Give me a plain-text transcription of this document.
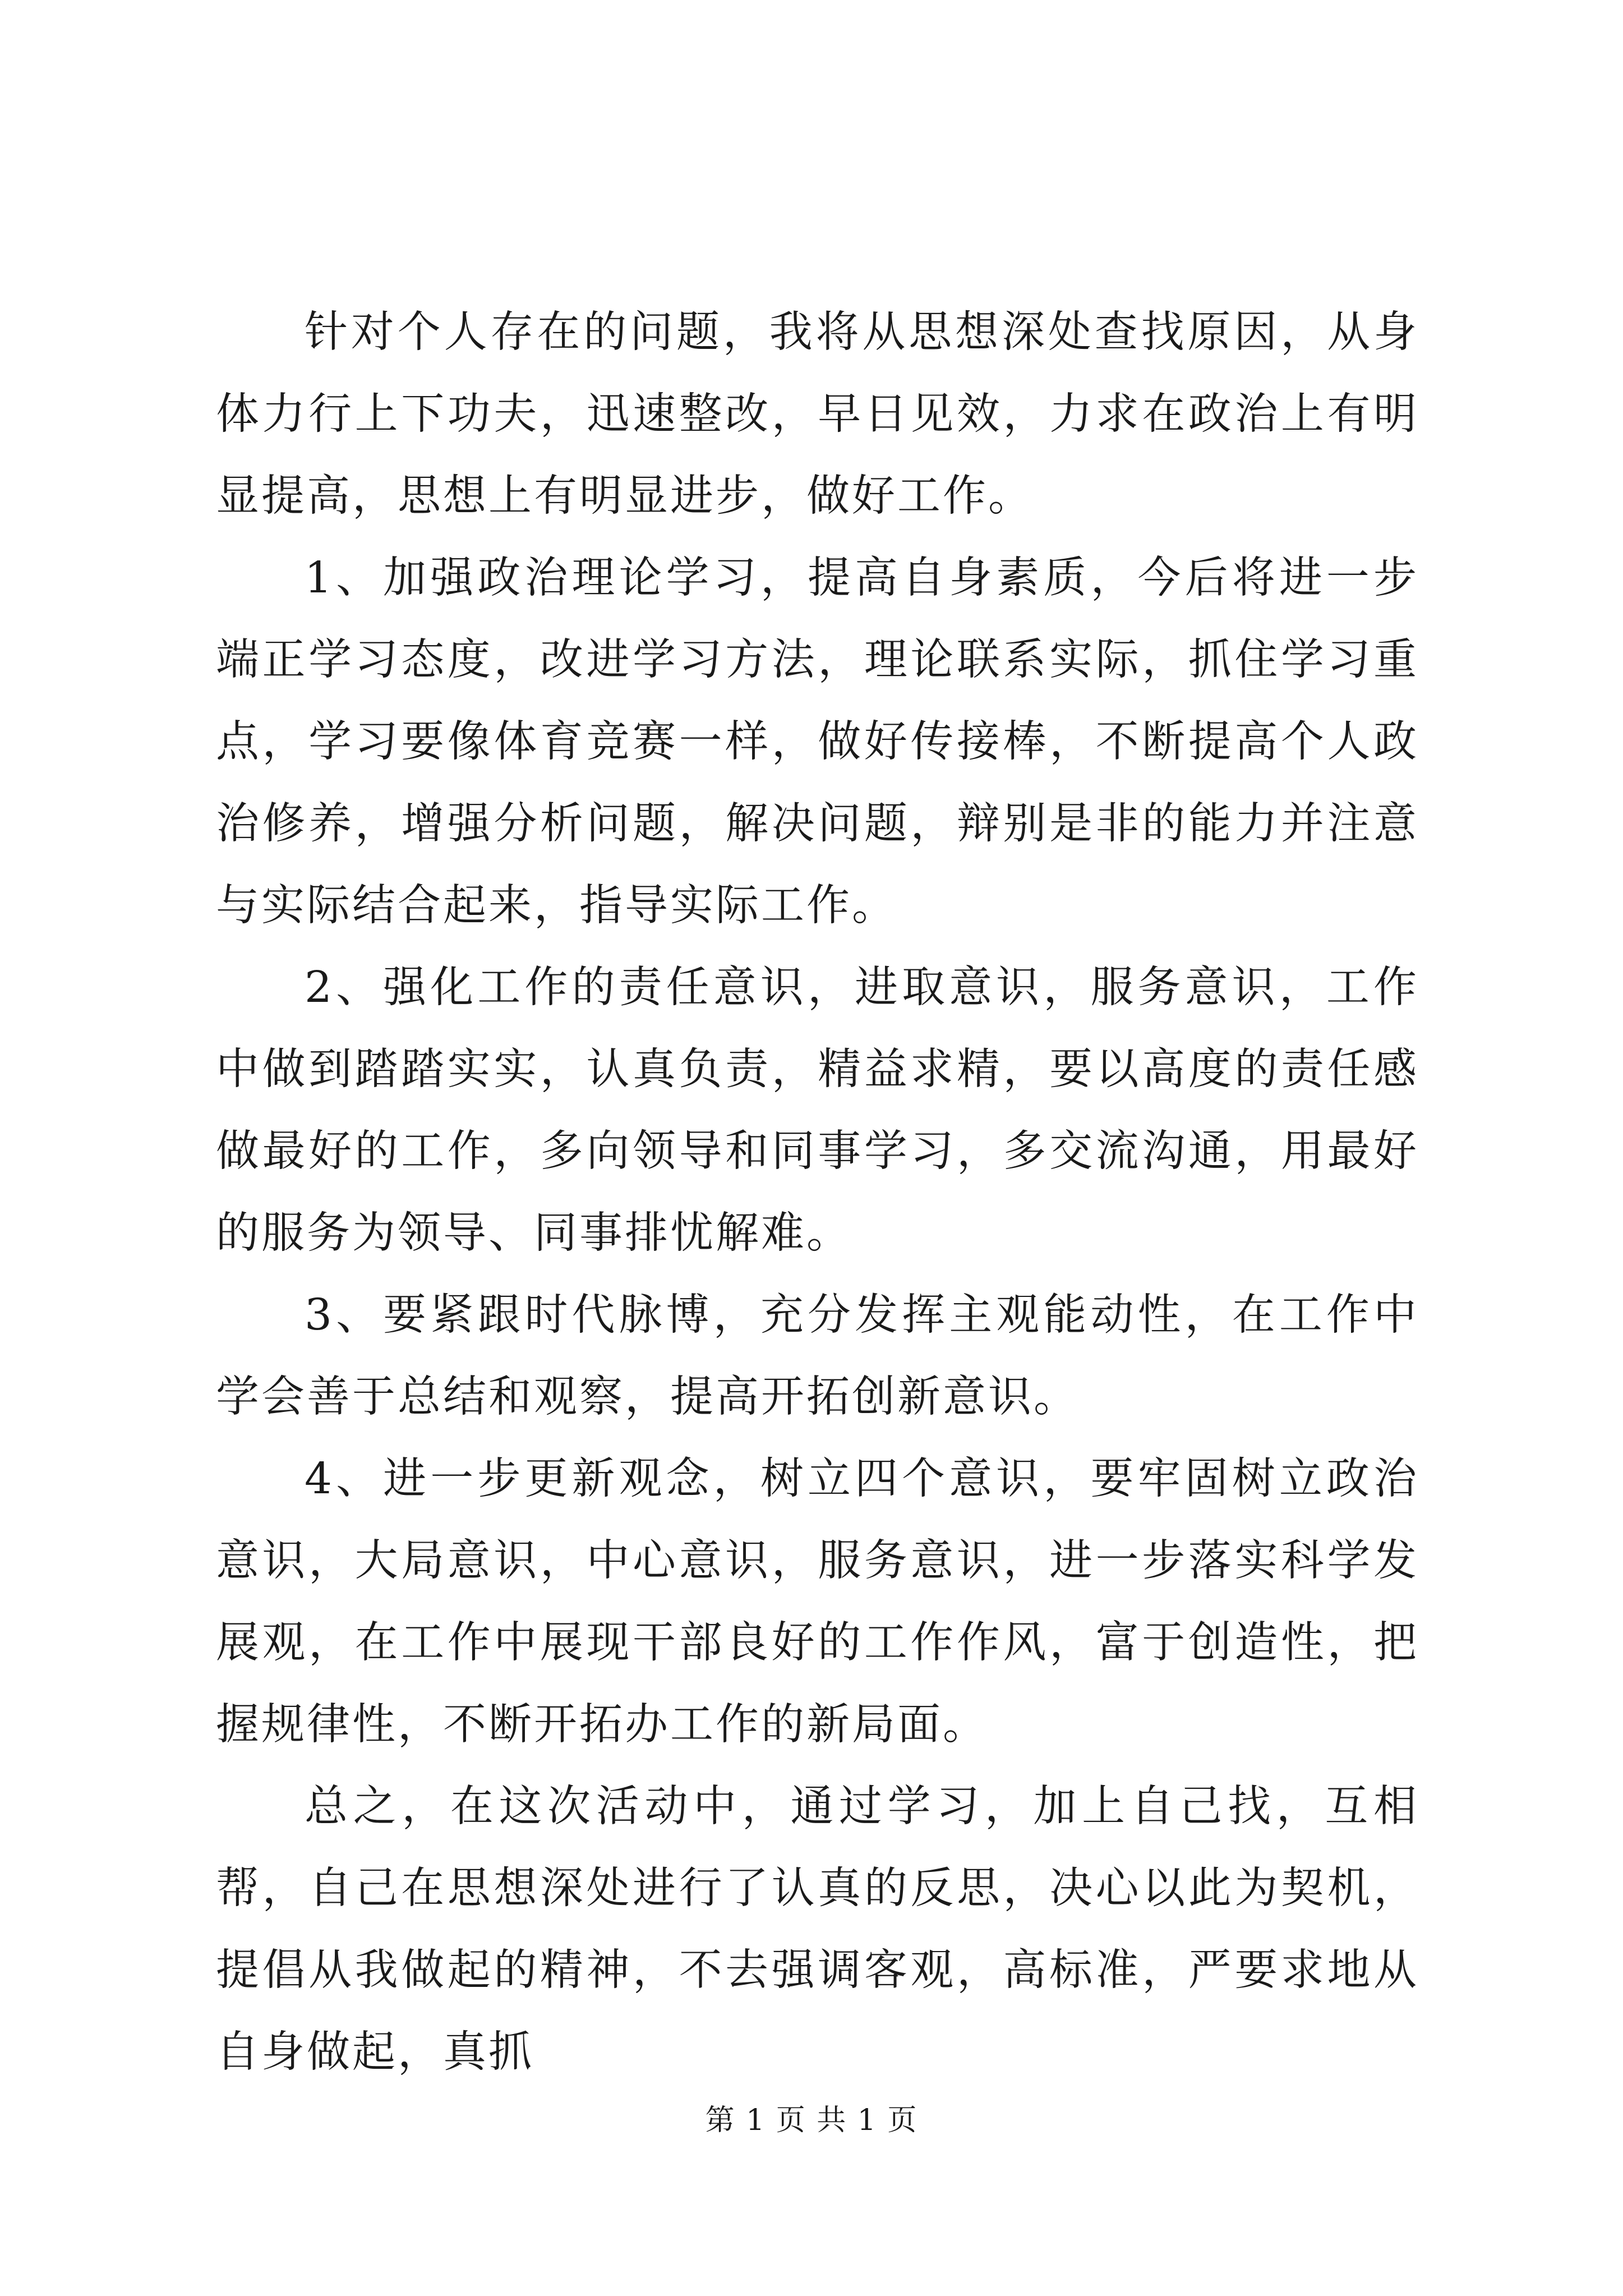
针对个人存在的问题，我将从思想深处查找原因，从身体力行上下功夫，迅速整改，早日见效，力求在政治上有明显提高，思想上有明显进步，做好工作。

1、加强政治理论学习，提高自身素质，今后将进一步端正学习态度，改进学习方法，理论联系实际，抓住学习重点，学习要像体育竞赛一样，做好传接棒，不断提高个人政治修养，增强分析问题，解决问题，辩别是非的能力并注意与实际结合起来，指导实际工作。

2、强化工作的责任意识，进取意识，服务意识，工作中做到踏踏实实，认真负责，精益求精，要以高度的责任感做最好的工作，多向领导和同事学习，多交流沟通，用最好的服务为领导、同事排忧解难。

3、要紧跟时代脉博，充分发挥主观能动性，在工作中学会善于总结和观察，提高开拓创新意识。

4、进一步更新观念，树立四个意识，要牢固树立政治意识，大局意识，中心意识，服务意识，进一步落实科学发展观，在工作中展现干部良好的工作作风，富于创造性，把握规律性，不断开拓办工作的新局面。

总之，在这次活动中，通过学习，加上自己找，互相帮，自己在思想深处进行了认真的反思，决心以此为契机，提倡从我做起的精神，不去强调客观，高标准，严要求地从自身做起，真抓

第 1 页 共 1 页
